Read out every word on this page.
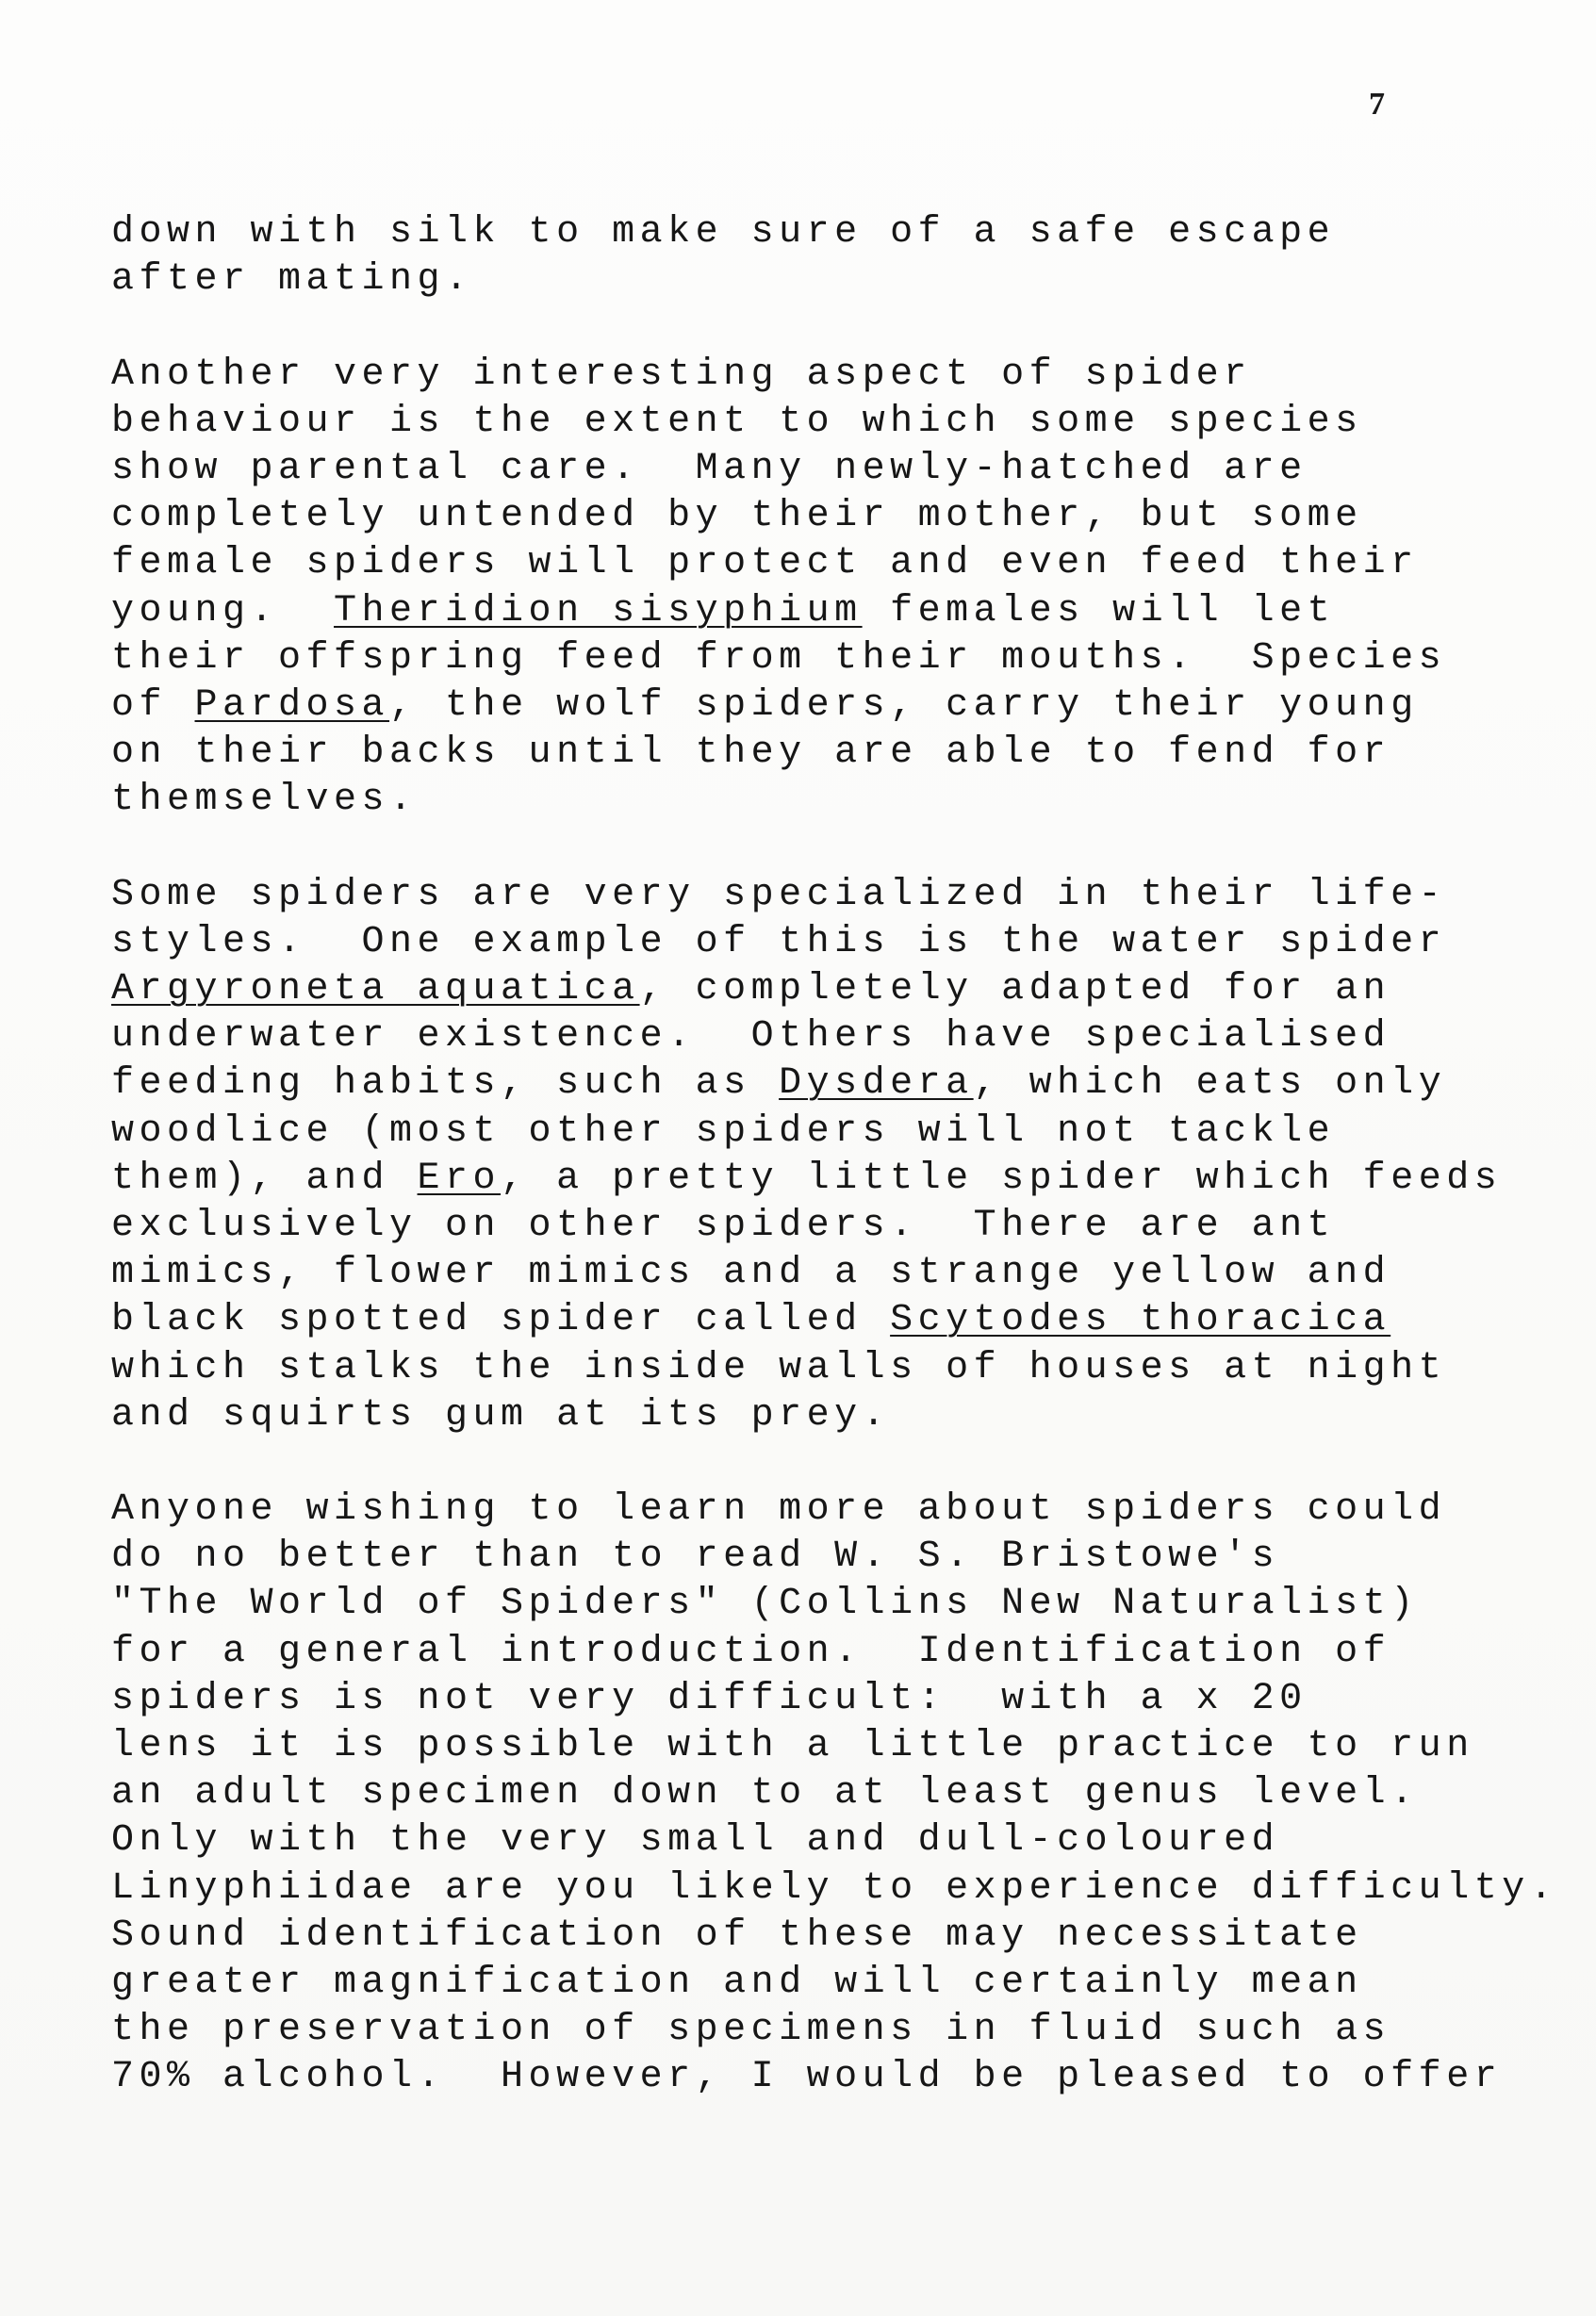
7
down with silk to make sure of a safe escape
after mating.
Another very interesting aspect of spider
behaviour is the extent to which some species
show parental care.  Many newly-hatched are
completely untended by their mother, but some
female spiders will protect and even feed their
young.  Theridion sisyphium females will let
their offspring feed from their mouths.  Species
of Pardosa, the wolf spiders, carry their young
on their backs until they are able to fend for
themselves.
Some spiders are very specialized in their life-
styles.  One example of this is the water spider
Argyroneta aquatica, completely adapted for an
underwater existence.  Others have specialised
feeding habits, such as Dysdera, which eats only
woodlice (most other spiders will not tackle
them), and Ero, a pretty little spider which feeds
exclusively on other spiders.  There are ant
mimics, flower mimics and a strange yellow and
black spotted spider called Scytodes thoracica
which stalks the inside walls of houses at night
and squirts gum at its prey.
Anyone wishing to learn more about spiders could
do no better than to read W. S. Bristowe's
"The World of Spiders" (Collins New Naturalist)
for a general introduction.  Identification of
spiders is not very difficult:  with a x 20
lens it is possible with a little practice to run
an adult specimen down to at least genus level.
Only with the very small and dull-coloured
Linyphiidae are you likely to experience difficulty.
Sound identification of these may necessitate
greater magnification and will certainly mean
the preservation of specimens in fluid such as
70% alcohol.  However, I would be pleased to offer
